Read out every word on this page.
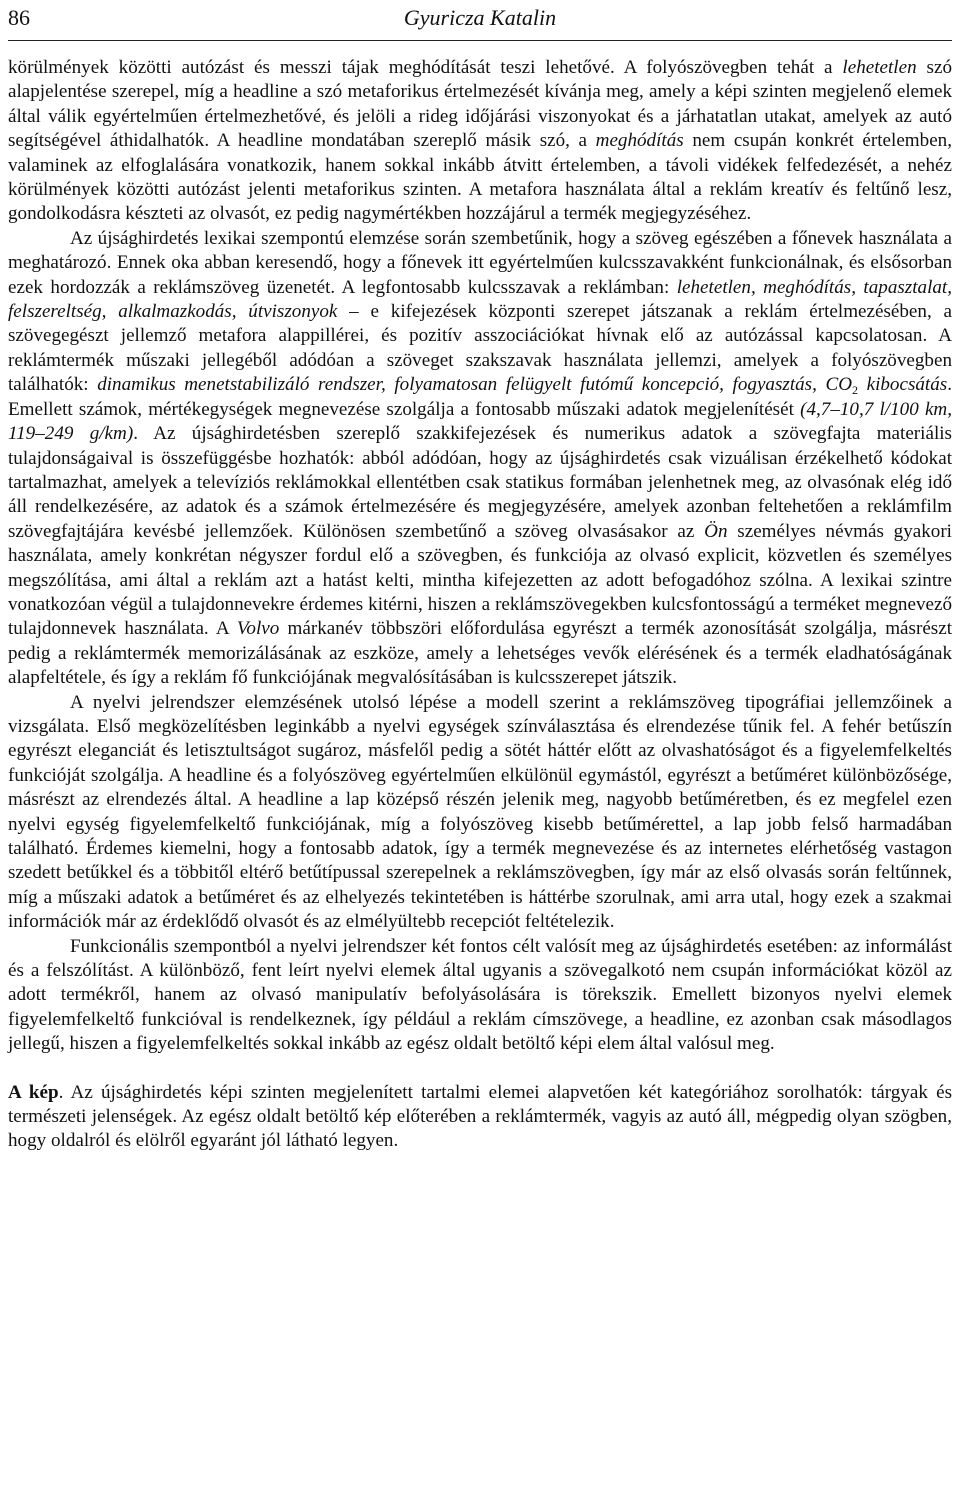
86	Gyuricza Katalin

körülmények közötti autózást és messzi tájak meghódítását teszi lehetővé. A folyószövegben tehát a lehetetlen szó alapjelentése szerepel, míg a headline a szó metaforikus értelmezését kívánja meg, amely a képi szinten megjelenő elemek által válik egyértelműen értelmezhetővé, és jelöli a rideg időjárási viszonyokat és a járhatatlan utakat, amelyek az autó segítségével áthidalhatók. A headline mondatában szereplő másik szó, a meghódítás nem csupán konkrét értelemben, valaminek az elfoglalására vonatkozik, hanem sokkal inkább átvitt értelemben, a távoli vidékek felfedezését, a nehéz körülmények közötti autózást jelenti metaforikus szinten. A metafora használata által a reklám kreatív és feltűnő lesz, gondolkodásra készteti az olvasót, ez pedig nagymértékben hozzájárul a termék megjegyzéséhez.

Az újsághirdetés lexikai szempontú elemzése során szembetűnik, hogy a szöveg egészében a főnevek használata a meghatározó. Ennek oka abban keresendő, hogy a főnevek itt egyértelműen kulcsszavakként funkcionálnak, és elsősorban ezek hordozzák a reklámszöveg üzenetét. A legfontosabb kulcsszavak a reklámban: lehetetlen, meghódítás, tapasztalat, felszereltség, alkalmazkodás, útviszonyok – e kifejezések központi szerepet játszanak a reklám értelmezésében, a szövegegészt jellemző metafora alappillérei, és pozitív asszociációkat hívnak elő az autózással kapcsolatosan. A reklámtermék műszaki jellegéből adódóan a szöveget szakszavak használata jellemzi, amelyek a folyószövegben találhatók: dinamikus menetstabilizáló rendszer, folyamatosan felügyelt futómű koncepció, fogyasztás, $CO_2$ kibocsátás. Emellett számok, mértékegységek megnevezése szolgálja a fontosabb műszaki adatok megjelenítését (4,7–10,7 l/100 km, 119–249 g/km). Az újsághirdetésben szereplő szakkifejezések és numerikus adatok a szövegfajta materiális tulajdonságaival is összefüggésbe hozhatók: abból adódóan, hogy az újsághirdetés csak vizuálisan érzékelhető kódokat tartalmazhat, amelyek a televíziós reklámokkal ellentétben csak statikus formában jelenhetnek meg, az olvasónak elég idő áll rendelkezésére, az adatok és a számok értelmezésére és megjegyzésére, amelyek azonban feltehetően a reklámfilm szövegfajtájára kevésbé jellemzőek. Különösen szembetűnő a szöveg olvasásakor az Ön személyes névmás gyakori használata, amely konkrétan négyszer fordul elő a szövegben, és funkciója az olvasó explicit, közvetlen és személyes megszólítása, ami által a reklám azt a hatást kelti, mintha kifejezetten az adott befogadóhoz szólna. A lexikai szintre vonatkozóan végül a tulajdonnevekre érdemes kitérni, hiszen a reklámszövegekben kulcsfontosságú a terméket megnevező tulajdonnevek használata. A Volvo márkanév többszöri előfordulása egyrészt a termék azonosítását szolgálja, másrészt pedig a reklámtermék memorizálásának az eszköze, amely a lehetséges vevők elérésének és a termék eladhatóságának alapfeltétele, és így a reklám fő funkciójának megvalósításában is kulcsszerepet játszik.

A nyelvi jelrendszer elemzésének utolsó lépése a modell szerint a reklámszöveg tipográfiai jellemzőinek a vizsgálata. Első megközelítésben leginkább a nyelvi egységek színválasztása és elrendezése tűnik fel. A fehér betűszín egyrészt eleganciát és letisztultságot sugároz, másfelől pedig a sötét háttér előtt az olvashatóságot és a figyelemfelkeltés funkcióját szolgálja. A headline és a folyószöveg egyértelműen elkülönül egymástól, egyrészt a betűméret különbözősége, másrészt az elrendezés által. A headline a lap középső részén jelenik meg, nagyobb betűméretben, és ez megfelel ezen nyelvi egység figyelemfelkeltő funkciójának, míg a folyószöveg kisebb betűmérettel, a lap jobb felső harmadában található. Érdemes kiemelni, hogy a fontosabb adatok, így a termék megnevezése és az internetes elérhetőség vastagon szedett betűkkel és a többitől eltérő betűtípussal szerepelnek a reklámszövegben, így már az első olvasás során feltűnnek, míg a műszaki adatok a betűméret és az elhelyezés tekintetében is háttérbe szorulnak, ami arra utal, hogy ezek a szakmai információk már az érdeklődő olvasót és az elmélyültebb recepciót feltételezik.

Funkcionális szempontból a nyelvi jelrendszer két fontos célt valósít meg az újsághirdetés esetében: az informálást és a felszólítást. A különböző, fent leírt nyelvi elemek által ugyanis a szövegalkotó nem csupán információkat közöl az adott termékről, hanem az olvasó manipulatív befolyásolására is törekszik. Emellett bizonyos nyelvi elemek figyelemfelkeltő funkcióval is rendelkeznek, így például a reklám címszövege, a headline, ez azonban csak másodlagos jellegű, hiszen a figyelemfelkeltés sokkal inkább az egész oldalt betöltő képi elem által valósul meg.

A kép. Az újsághirdetés képi szinten megjelenített tartalmi elemei alapvetően két kategóriához sorolhatók: tárgyak és természeti jelenségek. Az egész oldalt betöltő kép előterében a reklámtermék, vagyis az autó áll, mégpedig olyan szögben, hogy oldalról és elölről egyaránt jól látható legyen.
